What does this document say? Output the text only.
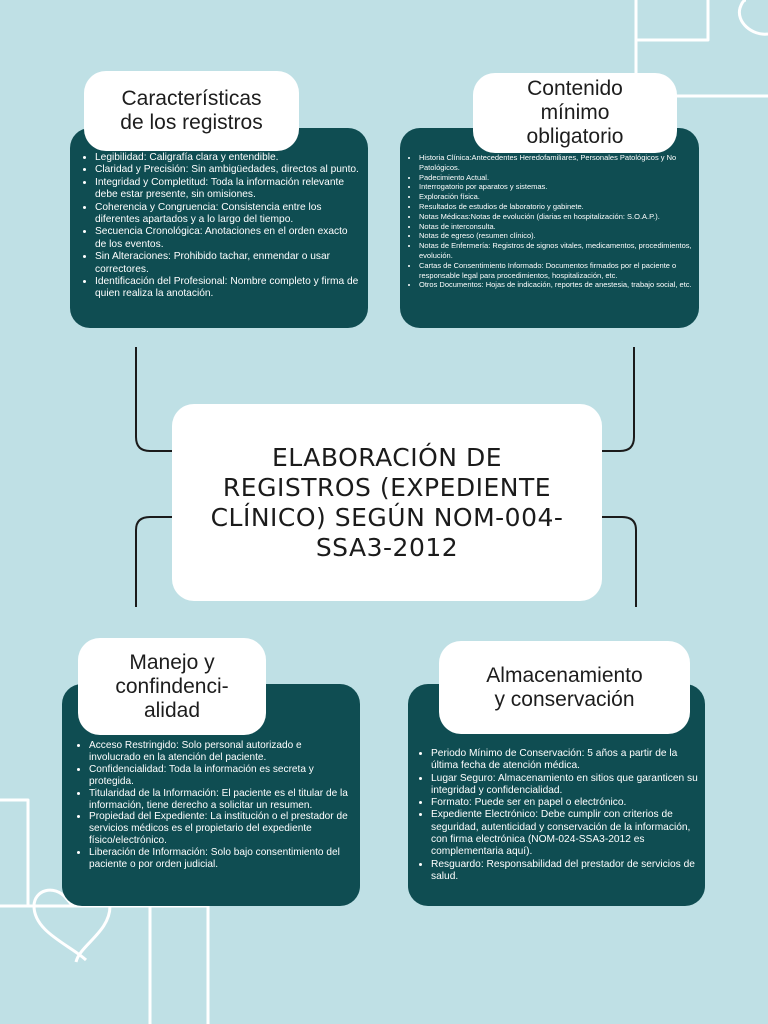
• Legibilidad: Caligrafía clara y entendible.
• Claridad y Precisión: Sin ambigüedades, directos al punto.
• Integridad y Completitud: Toda la información relevante debe estar presente, sin omisiones.
• Coherencia y Congruencia: Consistencia entre los diferentes apartados y a lo largo del tiempo.
• Secuencia Cronológica: Anotaciones en el orden exacto de los eventos.
• Sin Alteraciones: Prohibido tachar, enmendar o usar correctores.
• Identificación del Profesional: Nombre completo y firma de quien realiza la anotación.
Características
de los registros
• Historia Clínica:Antecedentes Heredofamiliares, Personales Patológicos y No Patológicos.
• Padecimiento Actual.
• Interrogatorio por aparatos y sistemas.
• Exploración física.
• Resultados de estudios de laboratorio y gabinete.
• Notas Médicas:Notas de evolución (diarias en hospitalización: S.O.A.P.).
• Notas de interconsulta.
• Notas de egreso (resumen clínico).
• Notas de Enfermería: Registros de signos vitales, medicamentos, procedimientos, evolución.
• Cartas de Consentimiento Informado: Documentos firmados por el paciente o responsable legal para procedimientos, hospitalización, etc.
• Otros Documentos: Hojas de indicación, reportes de anestesia, trabajo social, etc.
Contenido
mínimo
obligatorio
ELABORACIÓN DE REGISTROS (EXPEDIENTE CLÍNICO) SEGÚN NOM-004-SSA3-2012
• Acceso Restringido: Solo personal autorizado e involucrado en la atención del paciente.
• Confidencialidad: Toda la información es secreta y protegida.
• Titularidad de la Información: El paciente es el titular de la información, tiene derecho a solicitar un resumen.
• Propiedad del Expediente: La institución o el prestador de servicios médicos es el propietario del expediente físico/electrónico.
• Liberación de Información: Solo bajo consentimiento del paciente o por orden judicial.
Manejo y
confindenci-
alidad
• Periodo Mínimo de Conservación: 5 años a partir de la última fecha de atención médica.
• Lugar Seguro: Almacenamiento en sitios que garanticen su integridad y confidencialidad.
• Formato: Puede ser en papel o electrónico.
• Expediente Electrónico: Debe cumplir con criterios de seguridad, autenticidad y conservación de la información, con firma electrónica (NOM-024-SSA3-2012 es complementaria aquí).
• Resguardo: Responsabilidad del prestador de servicios de salud.
Almacenamiento
y conservación
